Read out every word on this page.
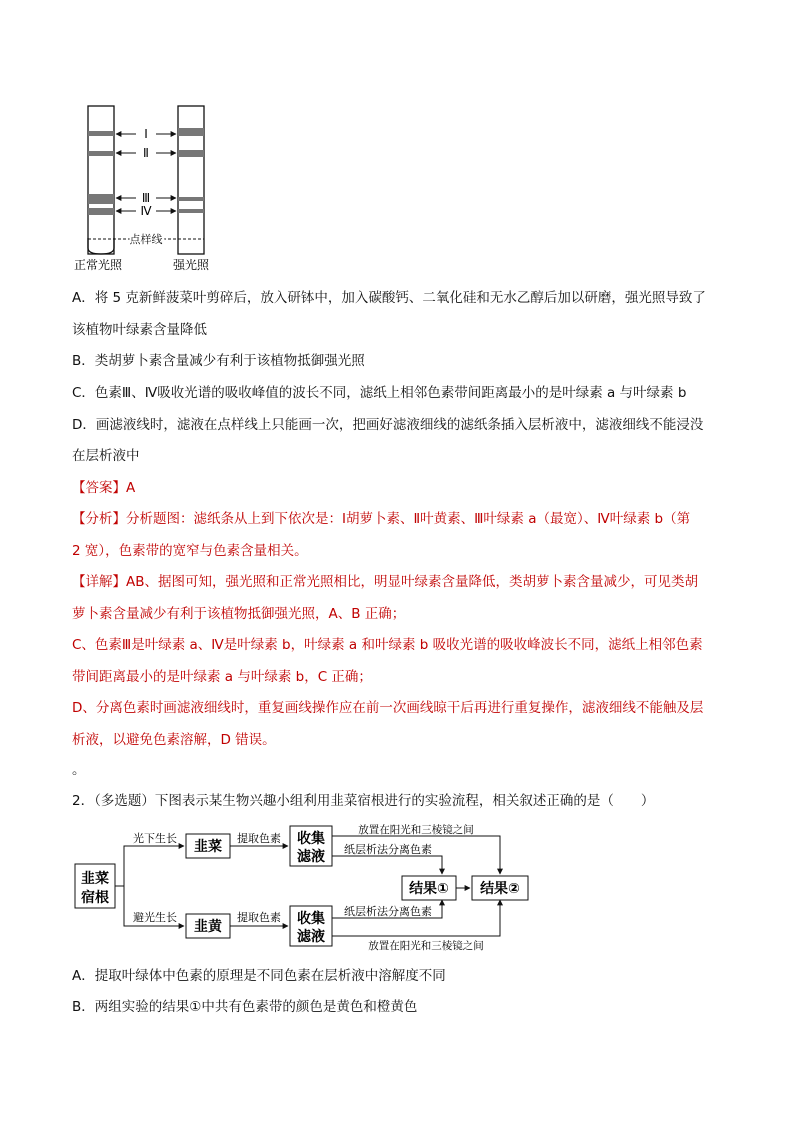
Ⅰ
Ⅱ
Ⅲ
Ⅳ
点样线
正常光照	强光照
A．将 5 克新鲜菠菜叶剪碎后，放入研钵中，加入碳酸钙、二氧化硅和无水乙醇后加以研磨，强光照导致了
该植物叶绿素含量降低
B．类胡萝卜素含量减少有利于该植物抵御强光照
C．色素Ⅲ、Ⅳ吸收光谱的吸收峰值的波长不同，滤纸上相邻色素带间距离最小的是叶绿素 a 与叶绿素 b
D．画滤液线时，滤液在点样线上只能画一次，把画好滤液细线的滤纸条插入层析液中，滤液细线不能浸没
在层析液中
【答案】A
【分析】分析题图：滤纸条从上到下依次是：Ⅰ胡萝卜素、Ⅱ叶黄素、Ⅲ叶绿素 a（最宽）、Ⅳ叶绿素 b（第
2 宽），色素带的宽窄与色素含量相关。
【详解】AB、据图可知，强光照和正常光照相比，明显叶绿素含量降低，类胡萝卜素含量减少，可见类胡
萝卜素含量减少有利于该植物抵御强光照，A、B 正确；
C、色素Ⅲ是叶绿素 a、Ⅳ是叶绿素 b，叶绿素 a 和叶绿素 b 吸收光谱的吸收峰波长不同，滤纸上相邻色素
带间距离最小的是叶绿素 a 与叶绿素 b，C 正确；
D、分离色素时画滤液细线时，重复画线操作应在前一次画线晾干后再进行重复操作，滤液细线不能触及层
析液，以避免色素溶解，D 错误。
。
2．（多选题）下图表示某生物兴趣小组利用韭菜宿根进行的实验流程，相关叙述正确的是（　　）
韭菜
宿根
光下生长
避光生长
韭菜
韭黄
提取色素
提取色素
收集
滤液
收集
滤液
放置在阳光和三棱镜之间
纸层析法分离色素
纸层析法分离色素
放置在阳光和三棱镜之间
结果① 结果②
A．提取叶绿体中色素的原理是不同色素在层析液中溶解度不同
B．两组实验的结果①中共有色素带的颜色是黄色和橙黄色
